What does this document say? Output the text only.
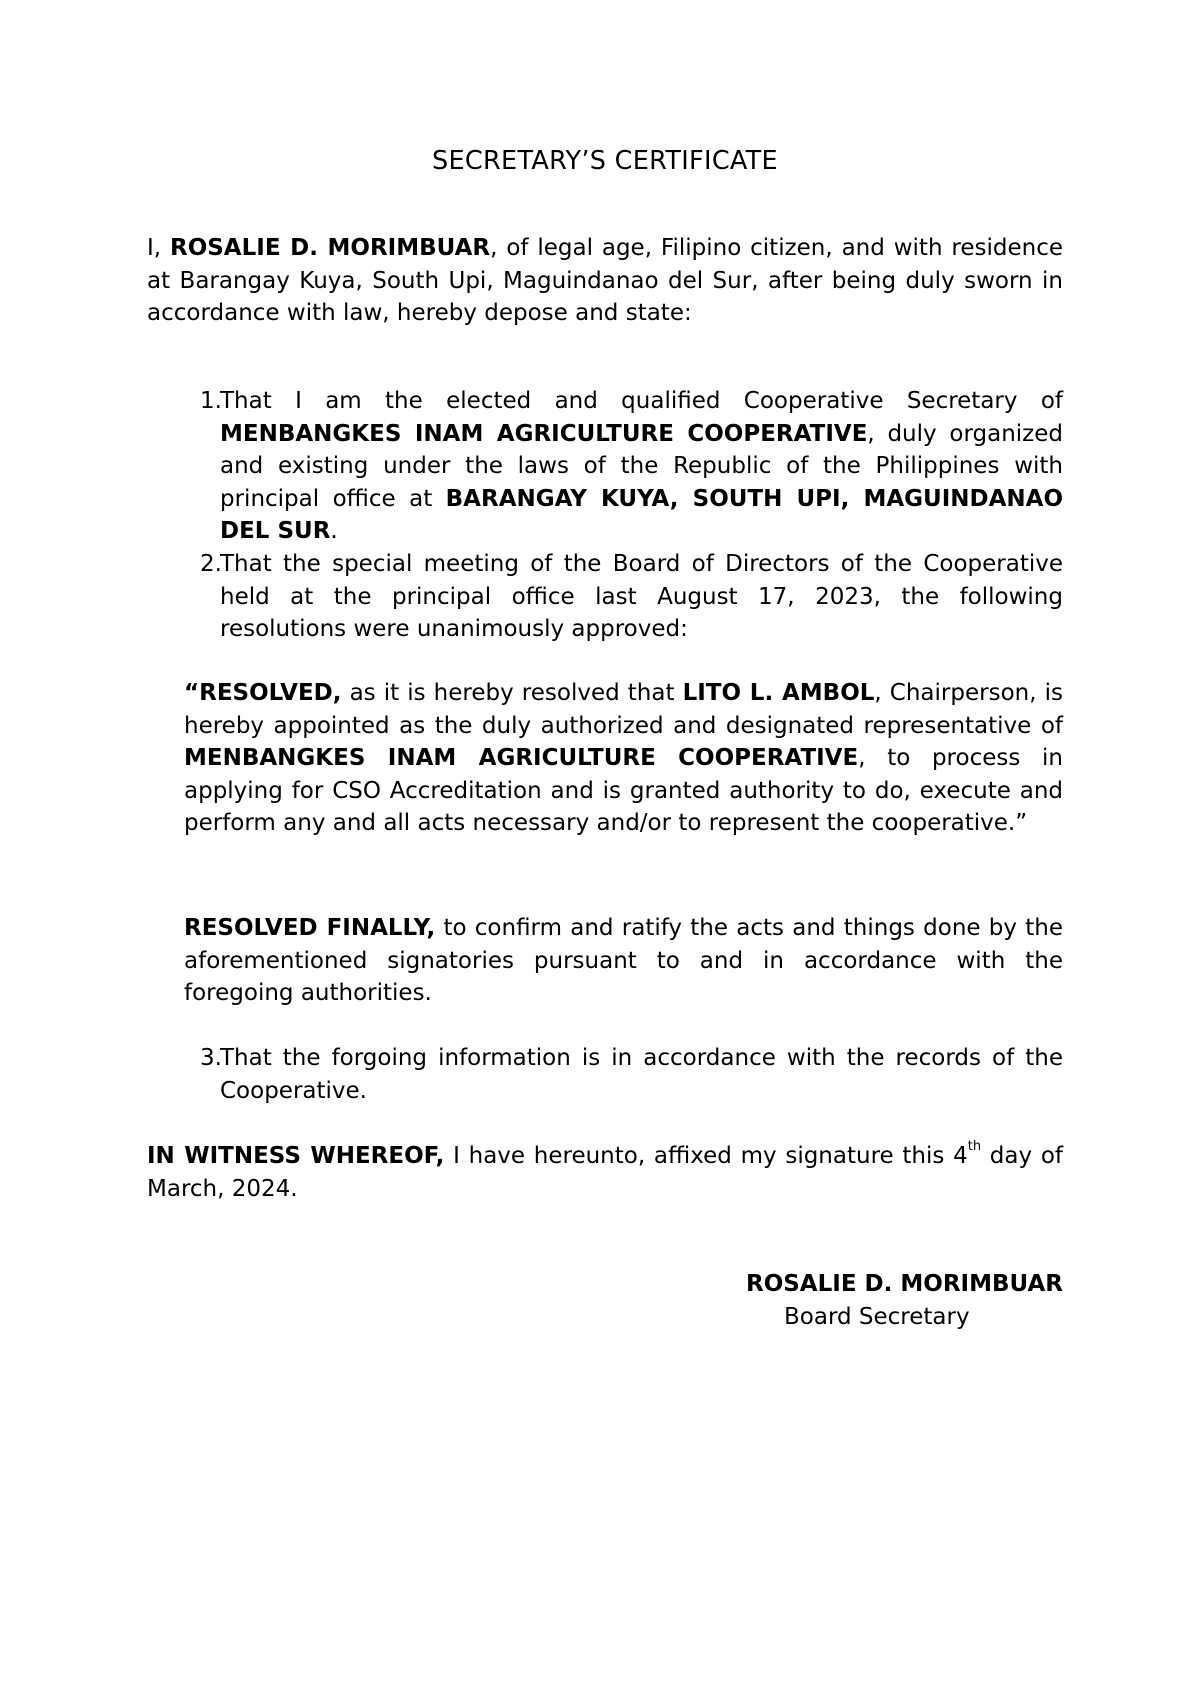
SECRETARY’S CERTIFICATE
I, ROSALIE D. MORIMBUAR, of legal age, Filipino citizen, and with residence at Barangay Kuya, South Upi, Maguindanao del Sur, after being duly sworn in accordance with law, hereby depose and state:
1.
That I am the elected and qualified Cooperative Secretary of MENBANGKES INAM AGRICULTURE COOPERATIVE, duly organized and existing under the laws of the Republic of the Philippines with principal office at BARANGAY KUYA, SOUTH UPI, MAGUINDANAO DEL SUR.
2.
That the special meeting of the Board of Directors of the Cooperative held at the principal office last August 17, 2023, the following resolutions were unanimously approved:
“RESOLVED, as it is hereby resolved that LITO L. AMBOL, Chairperson, is hereby appointed as the duly authorized and designated representative of MENBANGKES INAM AGRICULTURE COOPERATIVE, to process in applying for CSO Accreditation and is granted authority to do, execute and perform any and all acts necessary and/or to represent the cooperative.”
RESOLVED FINALLY, to confirm and ratify the acts and things done by the aforementioned signatories pursuant to and in accordance with the foregoing authorities.
3.
That the forgoing information is in accordance with the records of the Cooperative.
IN WITNESS WHEREOF, I have hereunto, affixed my signature this 4th day of March, 2024.
ROSALIE D. MORIMBUAR
Board Secretary
